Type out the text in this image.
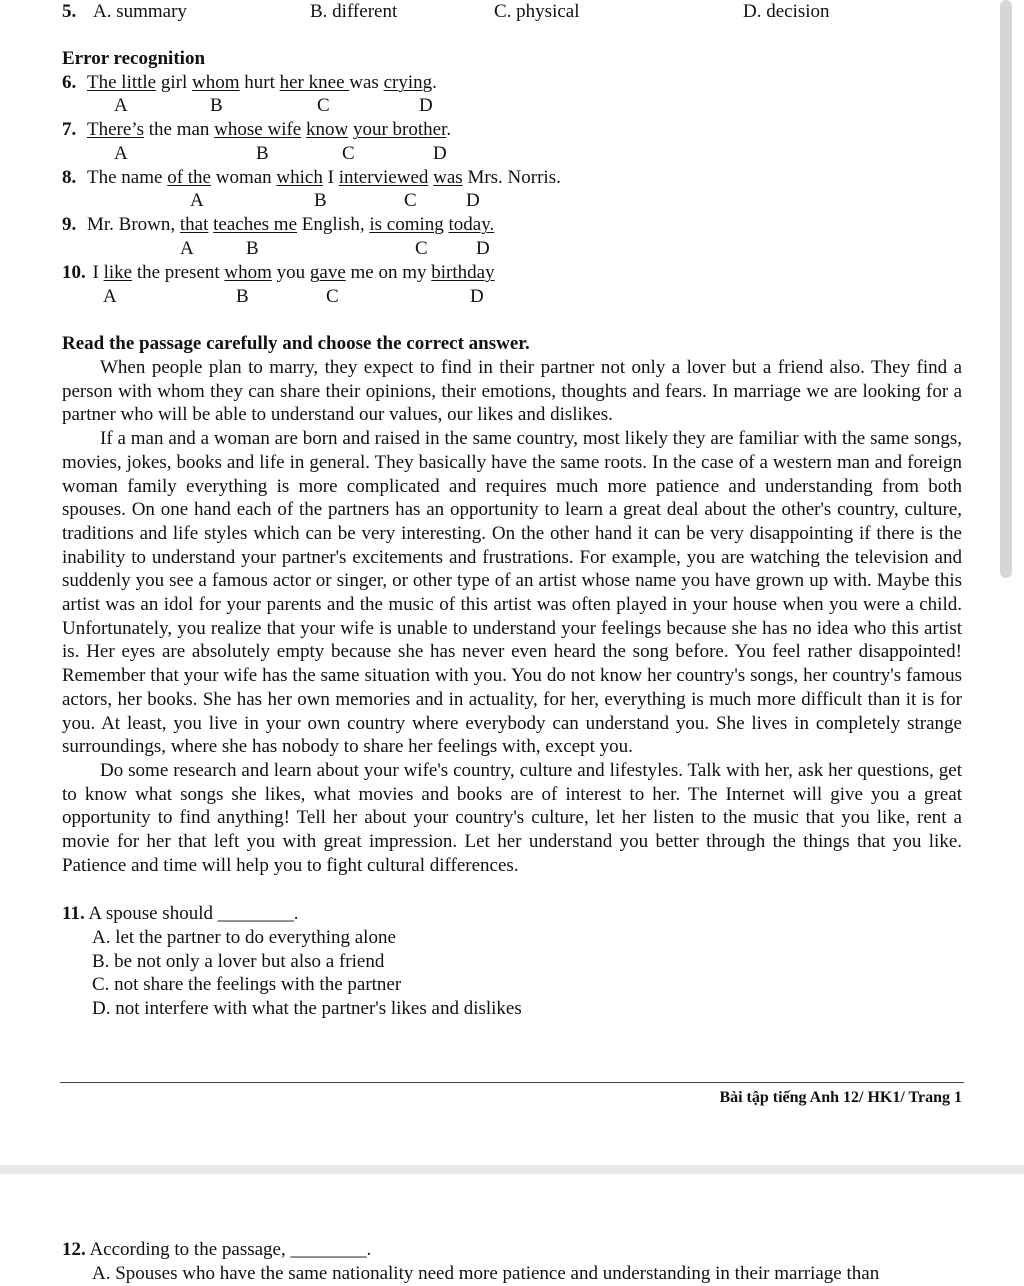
5. A. summary	B. different	C. physical	D. decision
Error recognition
6. The little girl whom hurt her knee was crying.
A	B	C	D
7. There’s the man whose wife know your brother.
A	B	C	D
8. The name of the woman which I interviewed was Mrs. Norris.
A	B	C	D
9. Mr. Brown, that teaches me English, is coming today.
A	B	C	D
10. I like the present whom you gave me on my birthday
A	B	C	D
Read the passage carefully and choose the correct answer.

When people plan to marry, they expect to find in their partner not only a lover but a friend also. They find a person with whom they can share their opinions, their emotions, thoughts and fears. In marriage we are looking for a partner who will be able to understand our values, our likes and dislikes.

If a man and a woman are born and raised in the same country, most likely they are familiar with the same songs, movies, jokes, books and life in general. They basically have the same roots. In the case of a western man and foreign woman family everything is more complicated and requires much more patience and understanding from both spouses. On one hand each of the partners has an opportunity to learn a great deal about the other's country, culture, traditions and life styles which can be very interesting. On the other hand it can be very disappointing if there is the inability to understand your partner's excitements and frustrations. For example, you are watching the television and suddenly you see a famous actor or singer, or other type of an artist whose name you have grown up with. Maybe this artist was an idol for your parents and the music of this artist was often played in your house when you were a child. Unfortunately, you realize that your wife is unable to understand your feelings because she has no idea who this artist is. Her eyes are absolutely empty because she has never even heard the song before. You feel rather disappointed! Remember that your wife has the same situation with you. You do not know her country's songs, her country's famous actors, her books. She has her own memories and in actuality, for her, everything is much more difficult than it is for you. At least, you live in your own country where everybody can understand you. She lives in completely strange surroundings, where she has nobody to share her feelings with, except you.

Do some research and learn about your wife's country, culture and lifestyles. Talk with her, ask her questions, get to know what songs she likes, what movies and books are of interest to her. The Internet will give you a great opportunity to find anything! Tell her about your country's culture, let her listen to the music that you like, rent a movie for her that left you with great impression. Let her understand you better through the things that you like. Patience and time will help you to fight cultural differences.

11. A spouse should ________.
A. let the partner to do everything alone
B. be not only a lover but also a friend
C. not share the feelings with the partner
D. not interfere with what the partner's likes and dislikes
Bài tập tiếng Anh 12/ HK1/ Trang 1
12. According to the passage, ________.
A. Spouses who have the same nationality need more patience and understanding in their marriage than
